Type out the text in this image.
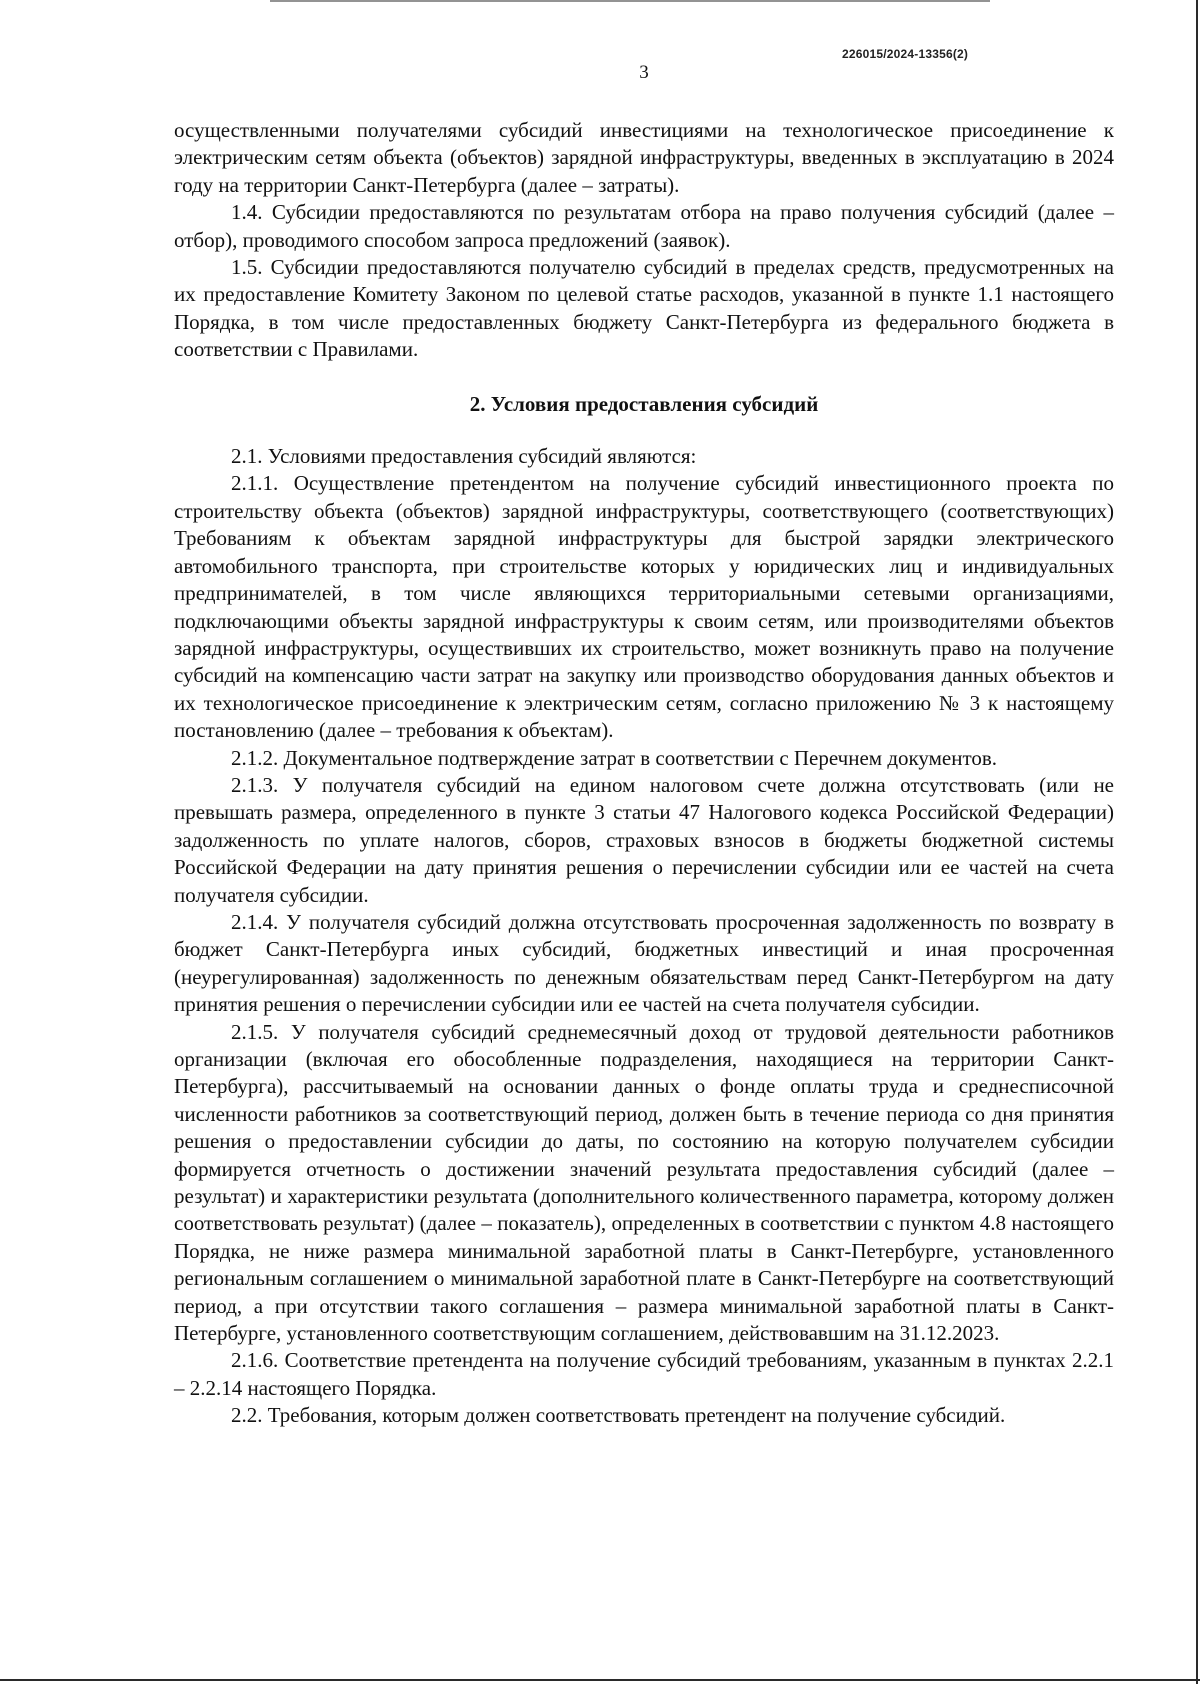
226015/2024-13356(2)
3

осуществленными получателями субсидий инвестициями на технологическое присоединение к электрическим сетям объекта (объектов) зарядной инфраструктуры, введенных в эксплуатацию в 2024 году на территории Санкт-Петербурга (далее – затраты).

1.4. Субсидии предоставляются по результатам отбора на право получения субсидий (далее – отбор), проводимого способом запроса предложений (заявок).

1.5. Субсидии предоставляются получателю субсидий в пределах средств, предусмотренных на их предоставление Комитету Законом по целевой статье расходов, указанной в пункте 1.1 настоящего Порядка, в том числе предоставленных бюджету Санкт-Петербурга из федерального бюджета в соответствии с Правилами.

2. Условия предоставления субсидий

2.1. Условиями предоставления субсидий являются:

2.1.1. Осуществление претендентом на получение субсидий инвестиционного проекта по строительству объекта (объектов) зарядной инфраструктуры, соответствующего (соответствующих) Требованиям к объектам зарядной инфраструктуры для быстрой зарядки электрического автомобильного транспорта, при строительстве которых у юридических лиц и индивидуальных предпринимателей, в том числе являющихся территориальными сетевыми организациями, подключающими объекты зарядной инфраструктуры к своим сетям, или производителями объектов зарядной инфраструктуры, осуществивших их строительство, может возникнуть право на получение субсидий на компенсацию части затрат на закупку или производство оборудования данных объектов и их технологическое присоединение к электрическим сетям, согласно приложению № 3 к настоящему постановлению (далее – требования к объектам).

2.1.2. Документальное подтверждение затрат в соответствии с Перечнем документов.

2.1.3. У получателя субсидий на едином налоговом счете должна отсутствовать (или не превышать размера, определенного в пункте 3 статьи 47 Налогового кодекса Российской Федерации) задолженность по уплате налогов, сборов, страховых взносов в бюджеты бюджетной системы Российской Федерации на дату принятия решения о перечислении субсидии или ее частей на счета получателя субсидии.

2.1.4. У получателя субсидий должна отсутствовать просроченная задолженность по возврату в бюджет Санкт-Петербурга иных субсидий, бюджетных инвестиций и иная просроченная (неурегулированная) задолженность по денежным обязательствам перед Санкт-Петербургом на дату принятия решения о перечислении субсидии или ее частей на счета получателя субсидии.

2.1.5. У получателя субсидий среднемесячный доход от трудовой деятельности работников организации (включая его обособленные подразделения, находящиеся на территории Санкт-Петербурга), рассчитываемый на основании данных о фонде оплаты труда и среднесписочной численности работников за соответствующий период, должен быть в течение периода со дня принятия решения о предоставлении субсидии до даты, по состоянию на которую получателем субсидии формируется отчетность о достижении значений результата предоставления субсидий (далее – результат) и характеристики результата (дополнительного количественного параметра, которому должен соответствовать результат) (далее – показатель), определенных в соответствии с пунктом 4.8 настоящего Порядка, не ниже размера минимальной заработной платы в Санкт-Петербурге, установленного региональным соглашением о минимальной заработной плате в Санкт-Петербурге на соответствующий период, а при отсутствии такого соглашения – размера минимальной заработной платы в Санкт-Петербурге, установленного соответствующим соглашением, действовавшим на 31.12.2023.

2.1.6. Соответствие претендента на получение субсидий требованиям, указанным в пунктах 2.2.1 – 2.2.14 настоящего Порядка.

2.2. Требования, которым должен соответствовать претендент на получение субсидий.
